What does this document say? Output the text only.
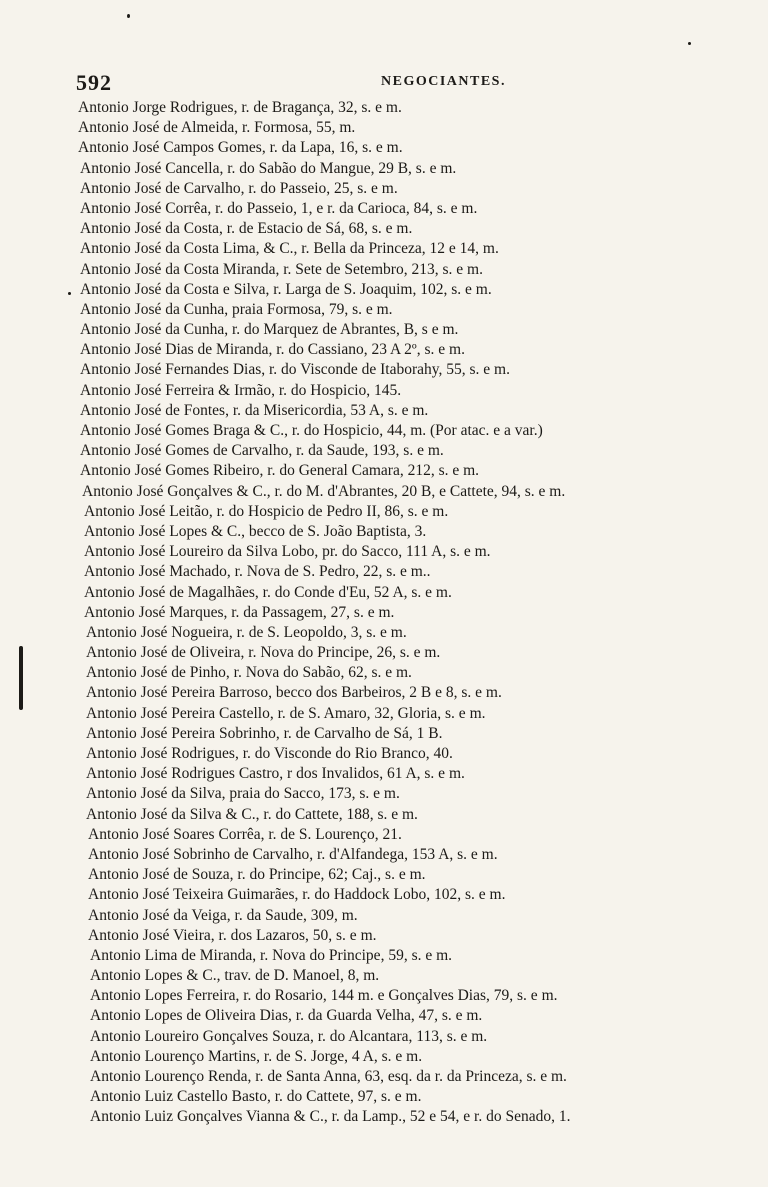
592	NEGOCIANTES.
Antonio Jorge Rodrigues, r. de Bragança, 32, s. e m.
Antonio José de Almeida, r. Formosa, 55, m.
Antonio José Campos Gomes, r. da Lapa, 16, s. e m.
Antonio José Cancella, r. do Sabão do Mangue, 29 B, s. e m.
Antonio José de Carvalho, r. do Passeio, 25, s. e m.
Antonio José Corrêa, r. do Passeio, 1, e r. da Carioca, 84, s. e m.
Antonio José da Costa, r. de Estacio de Sá, 68, s. e m.
Antonio José da Costa Lima, & C., r. Bella da Princeza, 12 e 14, m.
Antonio José da Costa Miranda, r. Sete de Setembro, 213, s. e m.
Antonio José da Costa e Silva, r. Larga de S. Joaquim, 102, s. e m.
Antonio José da Cunha, praia Formosa, 79, s. e m.
Antonio José da Cunha, r. do Marquez de Abrantes, B, s e m.
Antonio José Dias de Miranda, r. do Cassiano, 23 A 2º, s. e m.
Antonio José Fernandes Dias, r. do Visconde de Itaborahy, 55, s. e m.
Antonio José Ferreira & Irmão, r. do Hospicio, 145.
Antonio José de Fontes, r. da Misericordia, 53 A, s. e m.
Antonio José Gomes Braga & C., r. do Hospicio, 44, m. (Por atac. e a var.)
Antonio José Gomes de Carvalho, r. da Saude, 193, s. e m.
Antonio José Gomes Ribeiro, r. do General Camara, 212, s. e m.
Antonio José Gonçalves & C., r. do M. d'Abrantes, 20 B, e Cattete, 94, s. e m.
Antonio José Leitão, r. do Hospicio de Pedro II, 86, s. e m.
Antonio José Lopes & C., becco de S. João Baptista, 3.
Antonio José Loureiro da Silva Lobo, pr. do Sacco, 111 A, s. e m.
Antonio José Machado, r. Nova de S. Pedro, 22, s. e m..
Antonio José de Magalhães, r. do Conde d'Eu, 52 A, s. e m.
Antonio José Marques, r. da Passagem, 27, s. e m.
Antonio José Nogueira, r. de S. Leopoldo, 3, s. e m.
Antonio José de Oliveira, r. Nova do Principe, 26, s. e m.
Antonio José de Pinho, r. Nova do Sabão, 62, s. e m.
Antonio José Pereira Barroso, becco dos Barbeiros, 2 B e 8, s. e m.
Antonio José Pereira Castello, r. de S. Amaro, 32, Gloria, s. e m.
Antonio José Pereira Sobrinho, r. de Carvalho de Sá, 1 B.
Antonio José Rodrigues, r. do Visconde do Rio Branco, 40.
Antonio José Rodrigues Castro, r dos Invalidos, 61 A, s. e m.
Antonio José da Silva, praia do Sacco, 173, s. e m.
Antonio José da Silva & C., r. do Cattete, 188, s. e m.
Antonio José Soares Corrêa, r. de S. Lourenço, 21.
Antonio José Sobrinho de Carvalho, r. d'Alfandega, 153 A, s. e m.
Antonio José de Souza, r. do Principe, 62; Caj., s. e m.
Antonio José Teixeira Guimarães, r. do Haddock Lobo, 102, s. e m.
Antonio José da Veiga, r. da Saude, 309, m.
Antonio José Vieira, r. dos Lazaros, 50, s. e m.
Antonio Lima de Miranda, r. Nova do Principe, 59, s. e m.
Antonio Lopes & C., trav. de D. Manoel, 8, m.
Antonio Lopes Ferreira, r. do Rosario, 144 m. e Gonçalves Dias, 79, s. e m.
Antonio Lopes de Oliveira Dias, r. da Guarda Velha, 47, s. e m.
Antonio Loureiro Gonçalves Souza, r. do Alcantara, 113, s. e m.
Antonio Lourenço Martins, r. de S. Jorge, 4 A, s. e m.
Antonio Lourenço Renda, r. de Santa Anna, 63, esq. da r. da Princeza, s. e m.
Antonio Luiz Castello Basto, r. do Cattete, 97, s. e m.
Antonio Luiz Gonçalves Vianna & C., r. da Lamp., 52 e 54, e r. do Senado, 1.
